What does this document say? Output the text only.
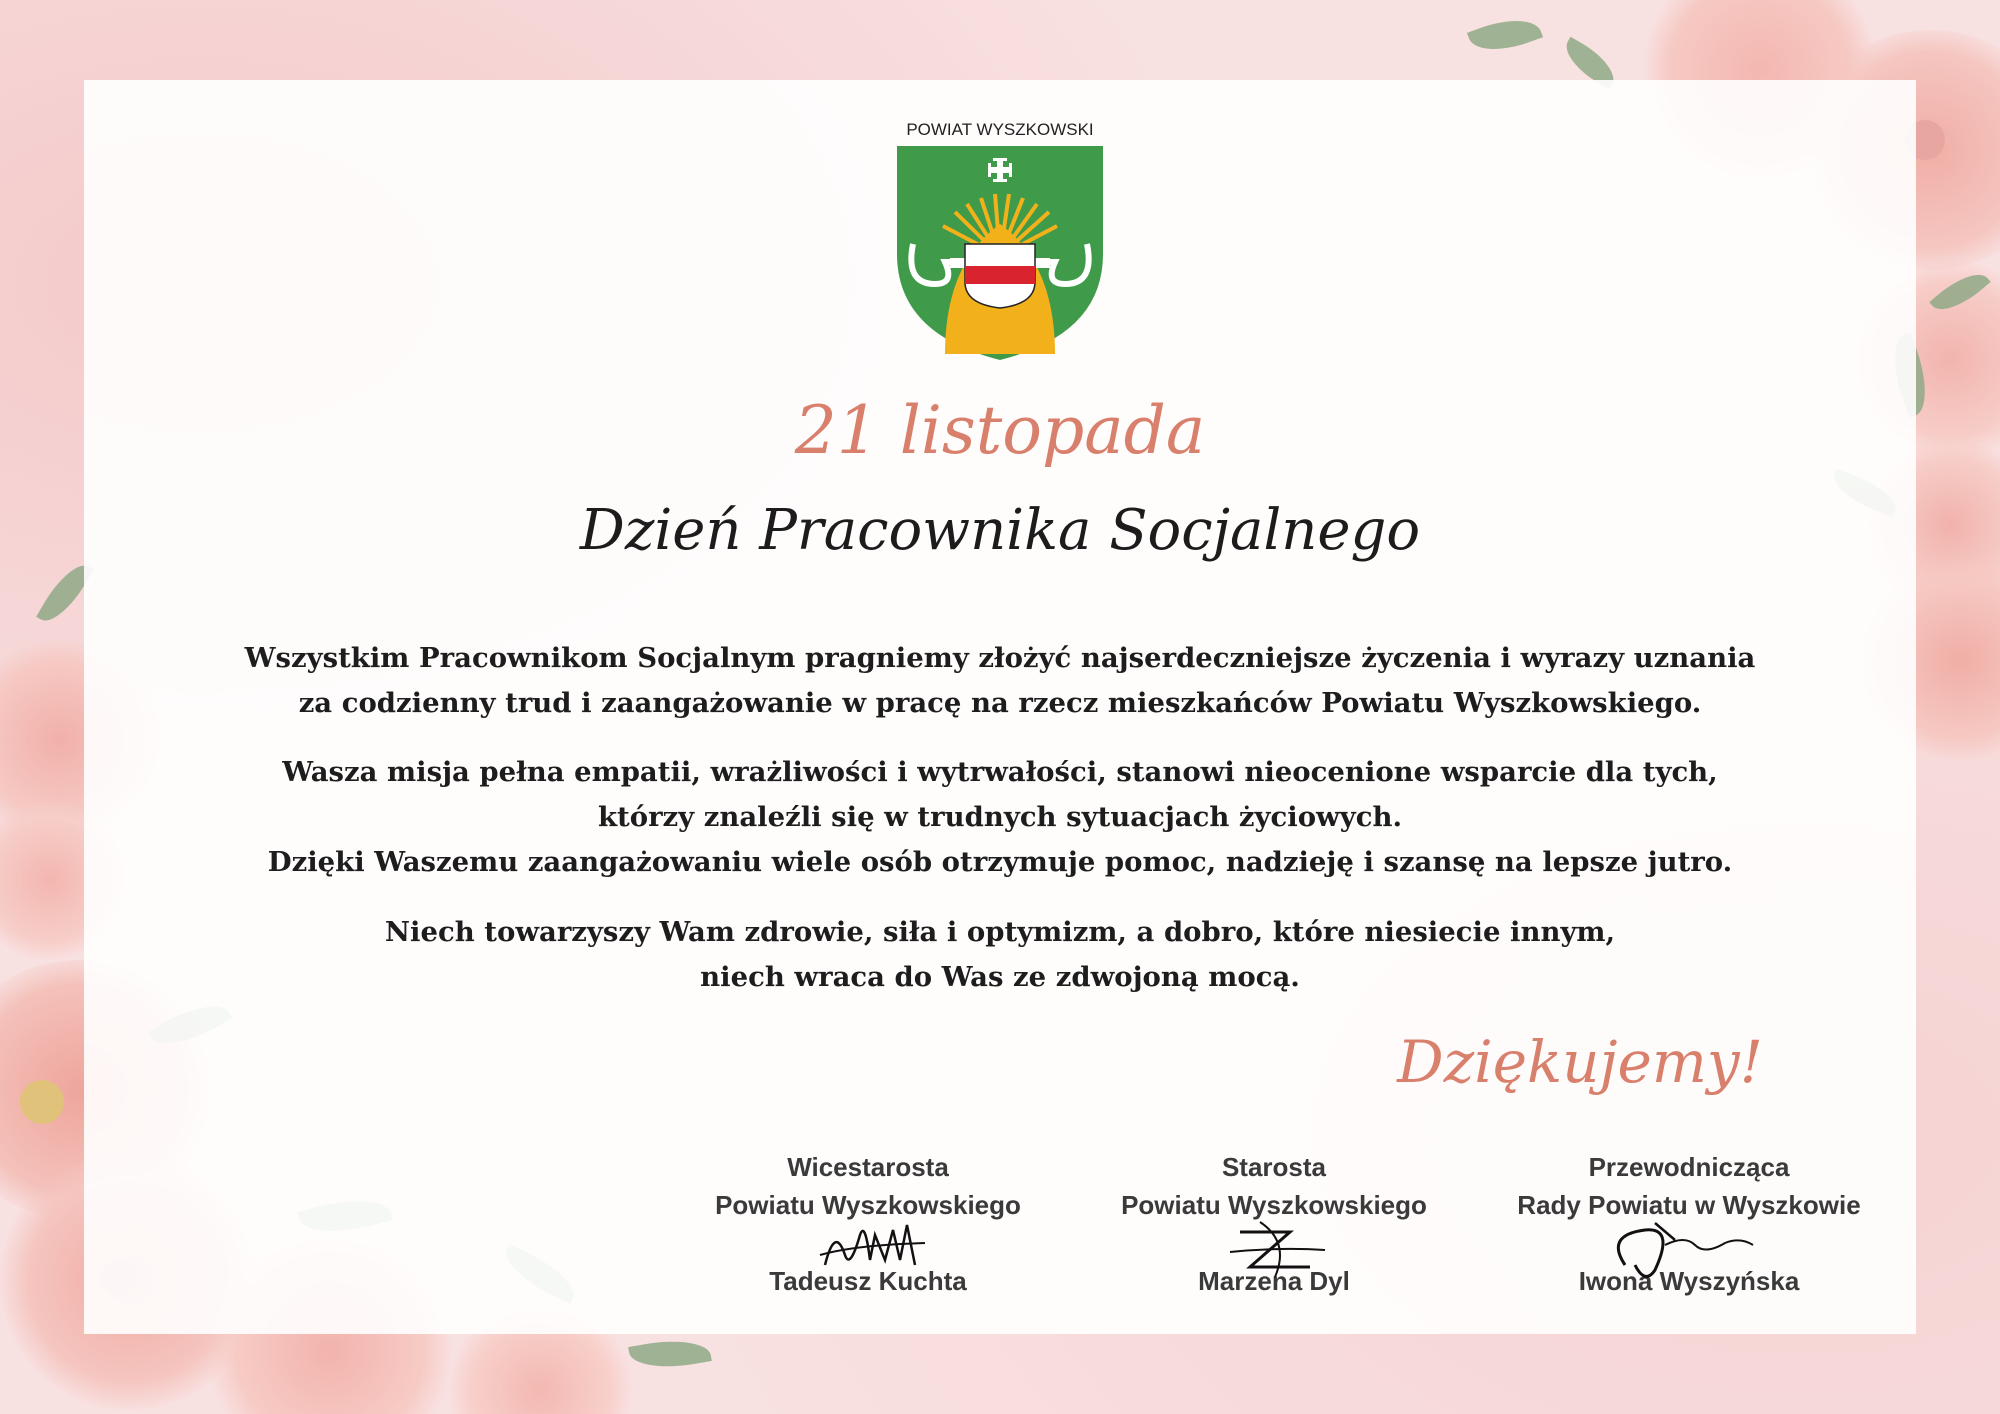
POWIAT WYSZKOWSKI
21 listopada
Dzień Pracownika Socjalnego
Wszystkim Pracownikom Socjalnym pragniemy złożyć najserdeczniejsze życzenia i wyrazy uznania
za codzienny trud i zaangażowanie w pracę na rzecz mieszkańców Powiatu Wyszkowskiego.
Wasza misja pełna empatii, wrażliwości i wytrwałości, stanowi nieocenione wsparcie dla tych,
którzy znaleźli się w trudnych sytuacjach życiowych.
Dzięki Waszemu zaangażowaniu wiele osób otrzymuje pomoc, nadzieję i szansę na lepsze jutro.
Niech towarzyszy Wam zdrowie, siła i optymizm, a dobro, które niesiecie innym,
niech wraca do Was ze zdwojoną mocą.
Dziękujemy!
Wicestarosta
Powiatu Wyszkowskiego
Tadeusz Kuchta
Starosta
Powiatu Wyszkowskiego
Marzena Dyl
Przewodnicząca
Rady Powiatu w Wyszkowie
Iwona Wyszyńska
